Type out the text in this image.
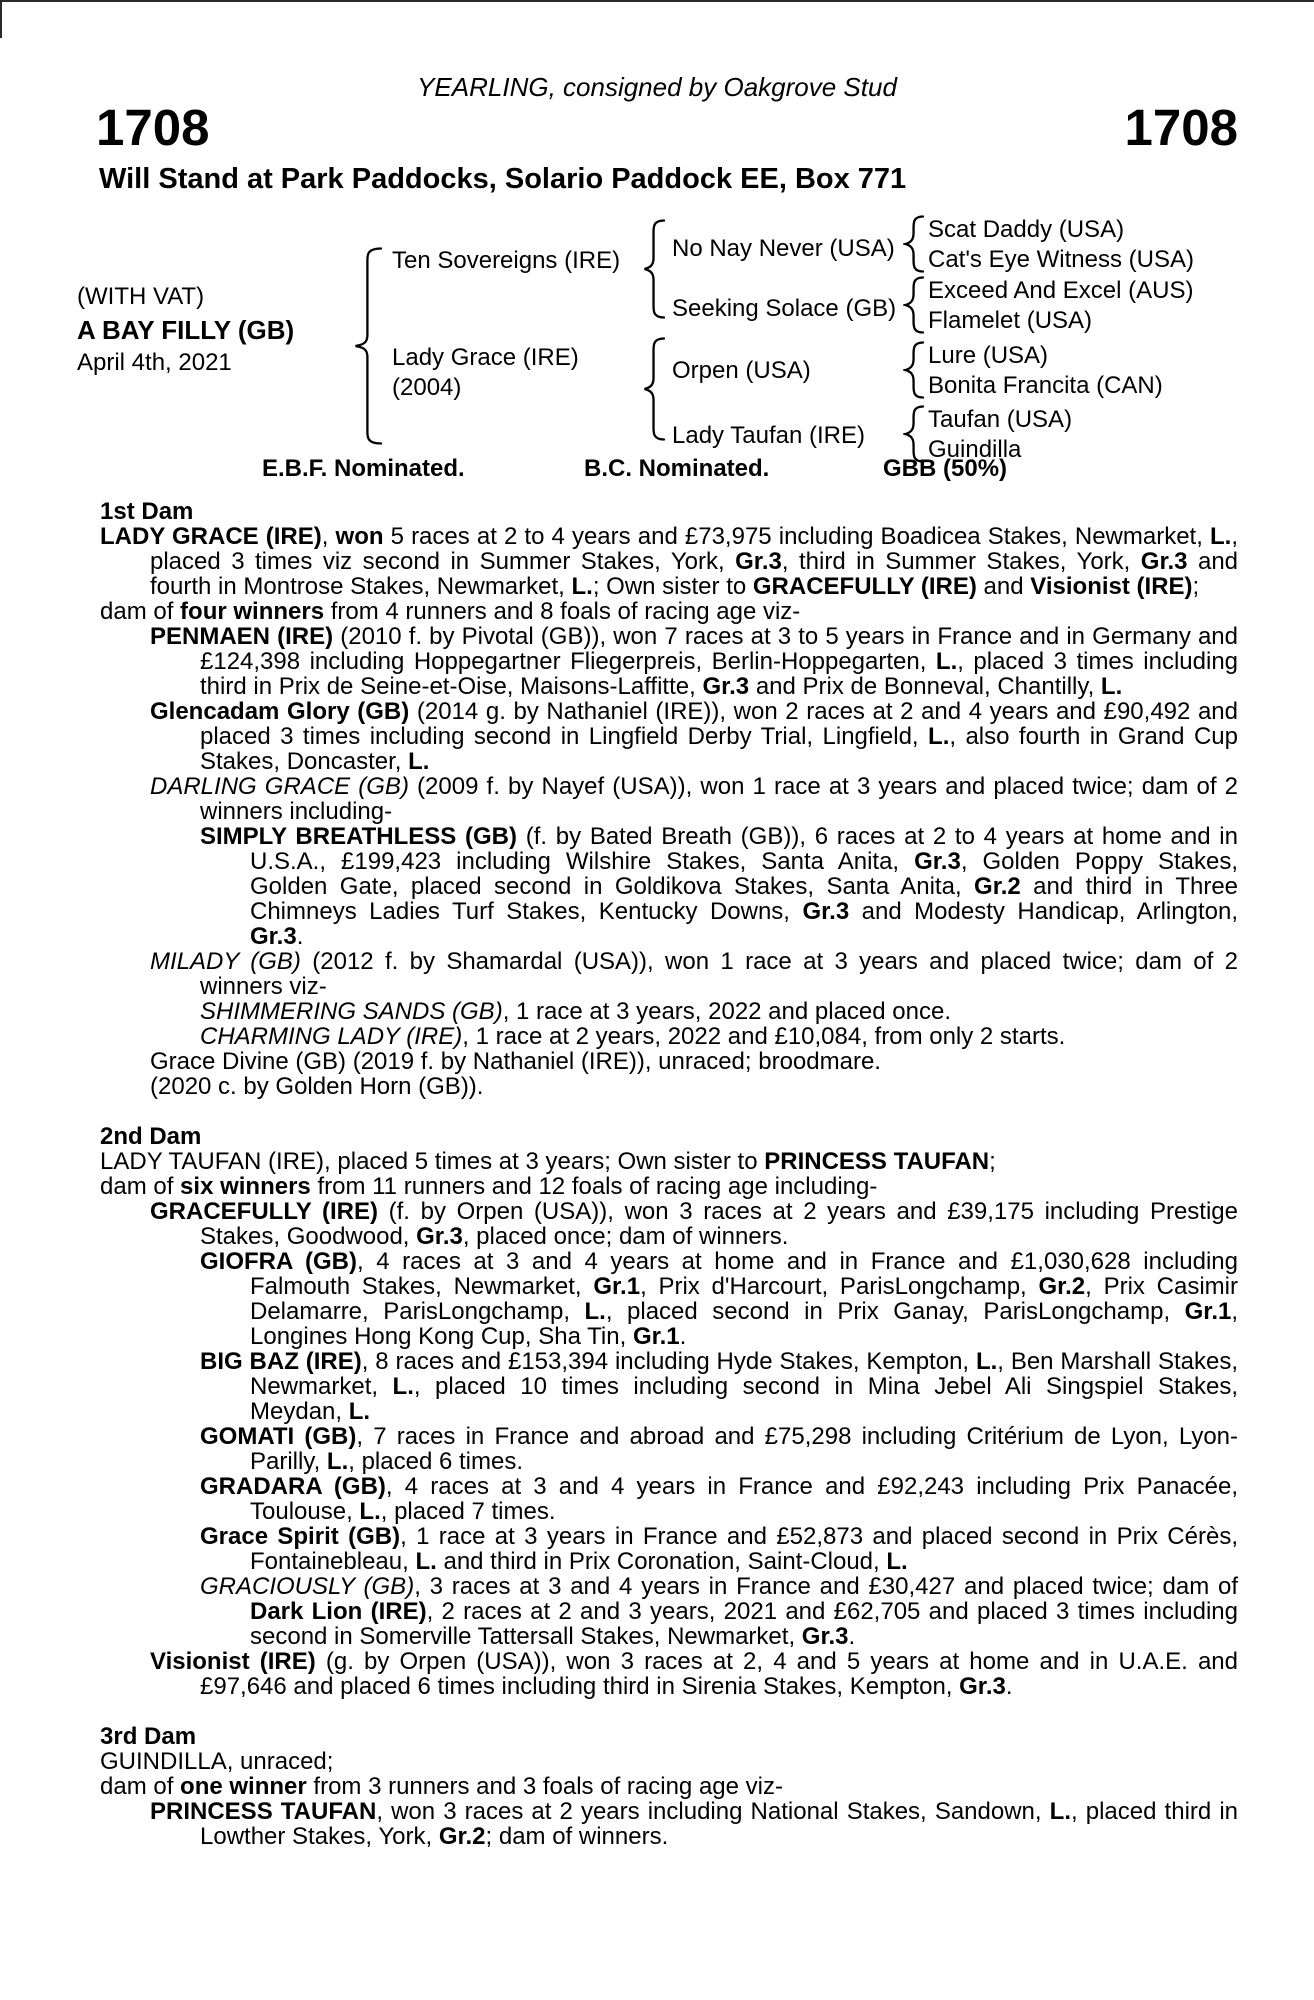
YEARLING, consigned by Oakgrove Stud
1708	1708
Will Stand at Park Paddocks, Solario Paddock EE, Box 771
(WITH VAT)
A BAY FILLY (GB)
April 4th, 2021
Ten Sovereigns (IRE)
Lady Grace (IRE)
(2004)
No Nay Never (USA)
Seeking Solace (GB)
Orpen (USA)
Lady Taufan (IRE)
Scat Daddy (USA)
Cat's Eye Witness (USA)
Exceed And Excel (AUS)
Flamelet (USA)
Lure (USA)
Bonita Francita (CAN)
Taufan (USA)
Guindilla
E.B.F. Nominated.	B.C. Nominated.	GBB (50%)
1st Dam
LADY GRACE (IRE), won 5 races at 2 to 4 years and £73,975 including Boadicea Stakes, Newmarket, L., placed 3 times viz second in Summer Stakes, York, Gr.3, third in Summer Stakes, York, Gr.3 and fourth in Montrose Stakes, Newmarket, L.; Own sister to GRACEFULLY (IRE) and Visionist (IRE);
dam of four winners from 4 runners and 8 foals of racing age viz-
PENMAEN (IRE) (2010 f. by Pivotal (GB)), won 7 races at 3 to 5 years in France and in Germany and £124,398 including Hoppegartner Fliegerpreis, Berlin-Hoppegarten, L., placed 3 times including third in Prix de Seine-et-Oise, Maisons-Laffitte, Gr.3 and Prix de Bonneval, Chantilly, L.
Glencadam Glory (GB) (2014 g. by Nathaniel (IRE)), won 2 races at 2 and 4 years and £90,492 and placed 3 times including second in Lingfield Derby Trial, Lingfield, L., also fourth in Grand Cup Stakes, Doncaster, L.
DARLING GRACE (GB) (2009 f. by Nayef (USA)), won 1 race at 3 years and placed twice; dam of 2 winners including-
SIMPLY BREATHLESS (GB) (f. by Bated Breath (GB)), 6 races at 2 to 4 years at home and in U.S.A., £199,423 including Wilshire Stakes, Santa Anita, Gr.3, Golden Poppy Stakes, Golden Gate, placed second in Goldikova Stakes, Santa Anita, Gr.2 and third in Three Chimneys Ladies Turf Stakes, Kentucky Downs, Gr.3 and Modesty Handicap, Arlington, Gr.3.
MILADY (GB) (2012 f. by Shamardal (USA)), won 1 race at 3 years and placed twice; dam of 2 winners viz-
SHIMMERING SANDS (GB), 1 race at 3 years, 2022 and placed once.
CHARMING LADY (IRE), 1 race at 2 years, 2022 and £10,084, from only 2 starts.
Grace Divine (GB) (2019 f. by Nathaniel (IRE)), unraced; broodmare.
(2020 c. by Golden Horn (GB)).
2nd Dam
LADY TAUFAN (IRE), placed 5 times at 3 years; Own sister to PRINCESS TAUFAN;
dam of six winners from 11 runners and 12 foals of racing age including-
GRACEFULLY (IRE) (f. by Orpen (USA)), won 3 races at 2 years and £39,175 including Prestige Stakes, Goodwood, Gr.3, placed once; dam of winners.
GIOFRA (GB), 4 races at 3 and 4 years at home and in France and £1,030,628 including Falmouth Stakes, Newmarket, Gr.1, Prix d'Harcourt, ParisLongchamp, Gr.2, Prix Casimir Delamarre, ParisLongchamp, L., placed second in Prix Ganay, ParisLongchamp, Gr.1, Longines Hong Kong Cup, Sha Tin, Gr.1.
BIG BAZ (IRE), 8 races and £153,394 including Hyde Stakes, Kempton, L., Ben Marshall Stakes, Newmarket, L., placed 10 times including second in Mina Jebel Ali Singspiel Stakes, Meydan, L.
GOMATI (GB), 7 races in France and abroad and £75,298 including Critérium de Lyon, Lyon-Parilly, L., placed 6 times.
GRADARA (GB), 4 races at 3 and 4 years in France and £92,243 including Prix Panacée, Toulouse, L., placed 7 times.
Grace Spirit (GB), 1 race at 3 years in France and £52,873 and placed second in Prix Cérès, Fontainebleau, L. and third in Prix Coronation, Saint-Cloud, L.
GRACIOUSLY (GB), 3 races at 3 and 4 years in France and £30,427 and placed twice; dam of Dark Lion (IRE), 2 races at 2 and 3 years, 2021 and £62,705 and placed 3 times including second in Somerville Tattersall Stakes, Newmarket, Gr.3.
Visionist (IRE) (g. by Orpen (USA)), won 3 races at 2, 4 and 5 years at home and in U.A.E. and £97,646 and placed 6 times including third in Sirenia Stakes, Kempton, Gr.3.
3rd Dam
GUINDILLA, unraced;
dam of one winner from 3 runners and 3 foals of racing age viz-
PRINCESS TAUFAN, won 3 races at 2 years including National Stakes, Sandown, L., placed third in Lowther Stakes, York, Gr.2; dam of winners.
